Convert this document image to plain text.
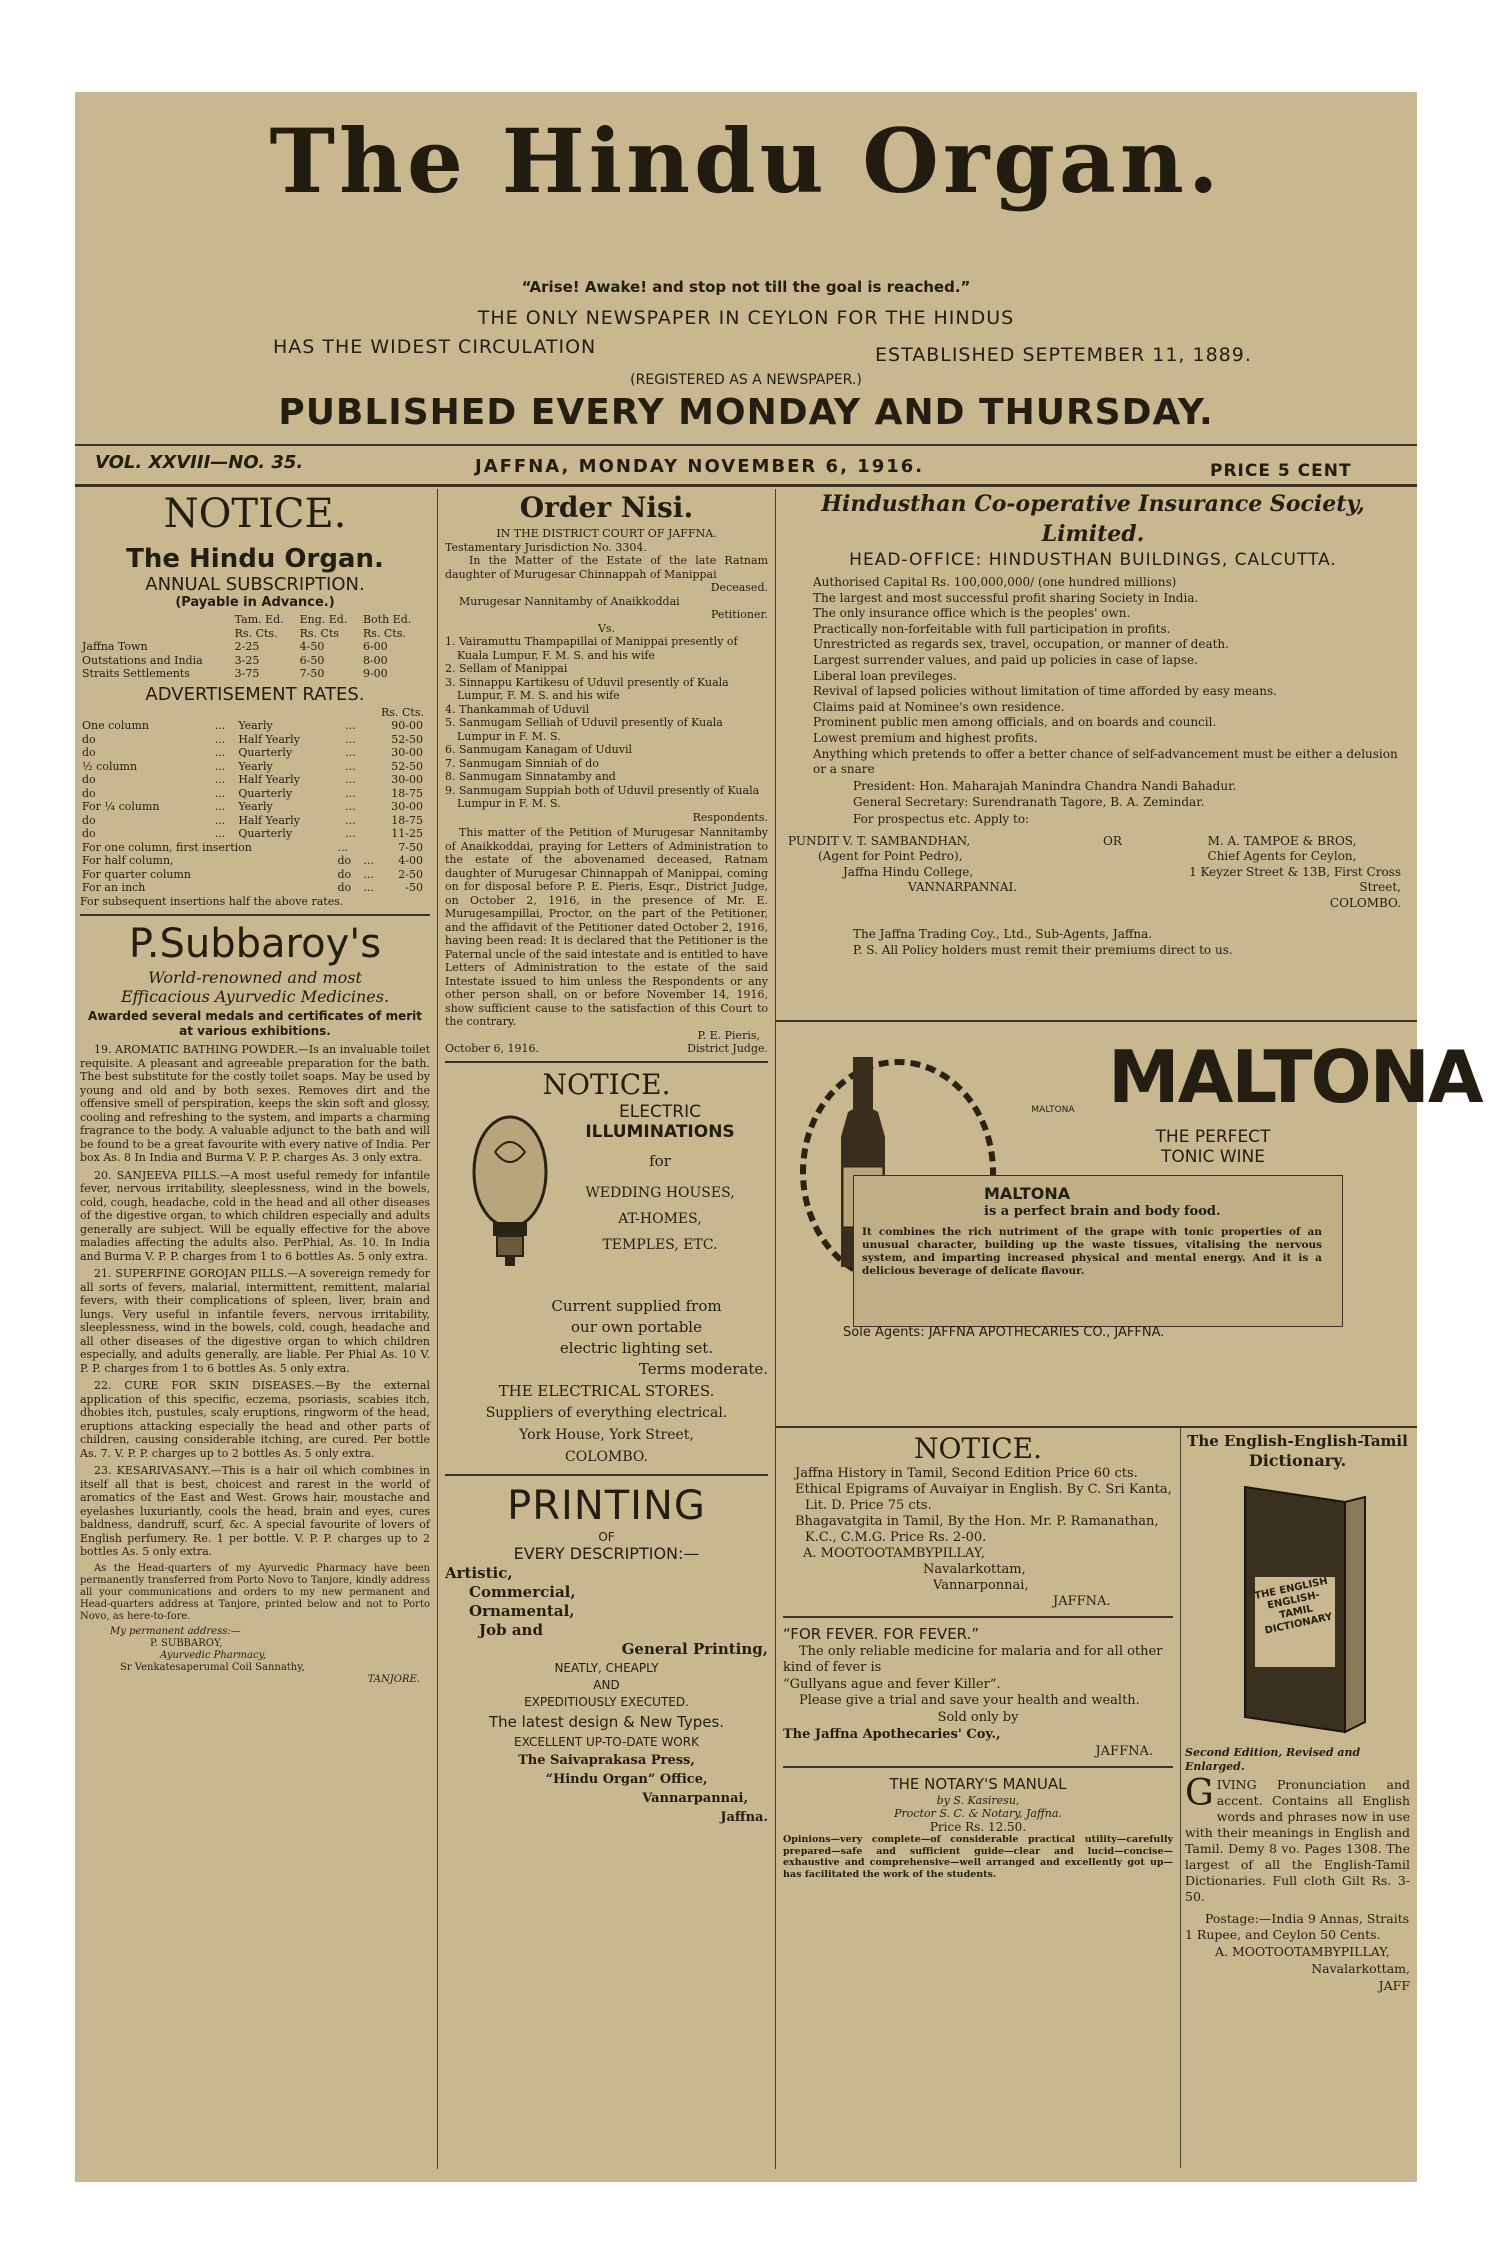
The Hindu Organ.
“Arise! Awake! and stop not till the goal is reached.”
THE ONLY NEWSPAPER IN CEYLON FOR THE HINDUS
HAS THE WIDEST CIRCULATION	ESTABLISHED SEPTEMBER 11, 1889.
(REGISTERED AS A NEWSPAPER.)
PUBLISHED EVERY MONDAY AND THURSDAY.
VOL. XXVIII—NO. 35.	JAFFNA, MONDAY NOVEMBER 6, 1916.	PRICE 5 CENT
NOTICE.
The Hindu Organ.
ANNUAL SUBSCRIPTION.
(Payable in Advance.)
	Tam. Ed.	Eng. Ed.	Both Ed.
	Rs. Cts.	Rs. Cts	Rs. Cts.
Jaffna Town	2-25	4-50	6-00
Outstations and India	3-25	6-50	8-00
Straits Settlements	3-75	7-50	9-00
ADVERTISEMENT RATES.
Rs. Cts.
One column	...	Yearly	...	90-00
do	...	Half Yearly	...	52-50
do	...	Quarterly	...	30-00
½ column	...	Yearly	...	52-50
do	...	Half Yearly	...	30-00
do	...	Quarterly	...	18-75
For ¼ column	...	Yearly	...	30-00
do	...	Half Yearly	...	18-75
do	...	Quarterly	...	11-25
For one column, first insertion	...		7-50
For half column,	do	...	4-00
For quarter column	do	...	2-50
For an inch	do	...	-50
For subsequent insertions half the above rates.
P.Subbaroy's
World-renowned and most
Efficacious Ayurvedic Medicines.
Awarded several medals and certificates of merit at various exhibitions.

19. AROMATIC BATHING POWDER.—Is an invaluable toilet requisite. A pleasant and agreeable preparation for the bath. The best substitute for the costly toilet soaps. May be used by young and old and by both sexes. Removes dirt and the offensive smell of perspiration, keeps the skin soft and glossy, cooling and refreshing to the system, and imparts a charming fragrance to the body. A valuable adjunct to the bath and will be found to be a great favourite with every native of India. Per box As. 8 In India and Burma V. P. P. charges As. 3 only extra.

20. SANJEEVA PILLS.—A most useful remedy for infantile fever, nervous irritability, sleeplessness, wind in the bowels, cold, cough, headache, cold in the head and all other diseases of the digestive organ, to which children especially and adults generally are subject. Will be equally effective for the above maladies affecting the adults also. PerPhial, As. 10. In India and Burma V. P. P. charges from 1 to 6 bottles As. 5 only extra.

21. SUPERFINE GOROJAN PILLS.—A sovereign remedy for all sorts of fevers, malarial, intermittent, remittent, malarial fevers, with their complications of spleen, liver, brain and lungs. Very useful in infantile fevers, nervous irritability, sleeplessness, wind in the bowels, cold, cough, headache and all other diseases of the digestive organ to which children especially, and adults generally, are liable. Per Phial As. 10 V. P. P. charges from 1 to 6 bottles As. 5 only extra.

22. CURE FOR SKIN DISEASES.—By the external application of this specific, eczema, psoriasis, scabies itch, dhobies itch, pustules, scaly eruptions, ringworm of the head, eruptions attacking especially the head and other parts of children, causing considerable itching, are cured. Per bottle As. 7. V. P. P. charges up to 2 bottles As. 5 only extra.

23. KESARIVASANY.—This is a hair oil which combines in itself all that is best, choicest and rarest in the world of aromatics of the East and West. Grows hair, moustache and eyelashes luxuriantly, cools the head, brain and eyes, cures baldness, dandruff, scurf, &c. A special favourite of lovers of English perfumery. Re. 1 per bottle. V. P. P. charges up to 2 bottles As. 5 only extra.

As the Head-quarters of my Ayurvedic Pharmacy have been permanently transferred from Porto Novo to Tanjore, kindly address all your communications and orders to my new permanent and Head-quarters address at Tanjore, printed below and not to Porto Novo, as here-to-fore.

My permanent address:—
P. SUBBAROY,
Ayurvedic Pharmacy,
Sr Venkatesaperumal Coil Sannathy,
TANJORE.
Order Nisi.
IN THE DISTRICT COURT OF JAFFNA.
Testamentary Jurisdiction No. 3304.

In the Matter of the Estate of the late Ratnam daughter of Murugesar Chinnappah of Manippai

Deceased.
Murugesar Nannitamby of Anaikkoddai
Petitioner.
Vs.

1. Vairamuttu Thampapillai of Manippai presently of Kuala Lumpur, F. M. S. and his wife

2. Sellam of Manippai

3. Sinnappu Kartikesu of Uduvil presently of Kuala Lumpur, F. M. S. and his wife

4. Thankammah of Uduvil

5. Sanmugam Selliah of Uduvil presently of Kuala Lumpur in F. M. S.

6. Sanmugam Kanagam of Uduvil

7. Sanmugam Sinniah of do

8. Sanmugam Sinnatamby and

9. Sanmugam Suppiah both of Uduvil presently of Kuala Lumpur in F. M. S.

Respondents.

This matter of the Petition of Murugesar Nannitamby of Anaikkoddai, praying for Letters of Administration to the estate of the abovenamed deceased, Ratnam daughter of Murugesar Chinnappah of Manippai, coming on for disposal before P. E. Pieris, Esqr., District Judge, on October 2, 1916, in the presence of Mr. E. Murugesampillai, Proctor, on the part of the Petitioner, and the affidavit of the Petitioner dated October 2, 1916, having been read: It is declared that the Petitioner is the Paternal uncle of the said intestate and is entitled to have Letters of Administration to the estate of the said Intestate issued to him unless the Respondents or any other person shall, on or before November 14, 1916, show sufficient cause to the satisfaction of this Court to the contrary.

P. E. Pieris,
October 6, 1916.	District Judge.
NOTICE.
ELECTRIC
ILLUMINATIONS
for
WEDDING HOUSES,
AT-HOMES,
TEMPLES, ETC.
Current supplied from
our own portable
electric lighting set.
Terms moderate.
THE ELECTRICAL STORES.
Suppliers of everything electrical.
York House, York Street,
COLOMBO.
PRINTING
OF
EVERY DESCRIPTION:—
Artistic,
Commercial,
Ornamental,
Job and
General Printing,
NEATLY, CHEAPLY
AND
EXPEDITIOUSLY EXECUTED.
The latest design & New Types.
EXCELLENT UP-TO-DATE WORK
The Saivaprakasa Press,
“Hindu Organ” Office,
Vannarpannai,
Jaffna.
Hindusthan Co-operative Insurance Society, Limited.
HEAD-OFFICE: HINDUSTHAN BUILDINGS, CALCUTTA.
Authorised Capital Rs. 100,000,000/ (one hundred millions)
The largest and most successful profit sharing Society in India.
The only insurance office which is the peoples' own.
Practically non-forfeitable with full participation in profits.
Unrestricted as regards sex, travel, occupation, or manner of death.
Largest surrender values, and paid up policies in case of lapse.
Liberal loan previleges.
Revival of lapsed policies without limitation of time afforded by easy means.
Claims paid at Nominee's own residence.
Prominent public men among officials, and on boards and council.
Lowest premium and highest profits.
Anything which pretends to offer a better chance of self-advancement must be either a delusion or a snare
President: Hon. Maharajah Manindra Chandra Nandi Bahadur.
General Secretary: Surendranath Tagore, B. A. Zemindar.
For prospectus etc. Apply to:
PUNDIT V. T. SAMBANDHAN,
(Agent for Point Pedro),
Jaffna Hindu College,
VANNARPANNAI.
OR	M. A. TAMPOE & BROS,
Chief Agents for Ceylon,
1 Keyzer Street & 13B, First Cross Street,
COLOMBO.
The Jaffna Trading Coy., Ltd., Sub-Agents, Jaffna.
P. S. All Policy holders must remit their premiums direct to us.
MALTONA MALTONA
THE PERFECT
TONIC WINE
MALTONA
is a perfect brain and body food.
It combines the rich nutriment of the grape with tonic properties of an unusual character, building up the waste tissues, vitalising the nervous system, and imparting increased physical and mental energy. And it is a delicious beverage of delicate flavour.
Sole Agents: JAFFNA APOTHECARIES CO., JAFFNA.
NOTICE.

Jaffna History in Tamil, Second Edition Price 60 cts.

Ethical Epigrams of Auvaiyar in English. By C. Sri Kanta, Lit. D. Price 75 cts.

Bhagavatgita in Tamil, By the Hon. Mr. P. Ramanathan, K.C., C.M.G. Price Rs. 2-00.

A. MOOTOOTAMBYPILLAY,
Navalarkottam,
Vannarponnai,
JAFFNA.
“FOR FEVER. FOR FEVER.”

The only reliable medicine for malaria and for all other kind of fever is

“Gullyans ague and fever Killer”.

Please give a trial and save your health and wealth.

Sold only by
The Jaffna Apothecaries' Coy.,
JAFFNA.
THE NOTARY'S MANUAL
by S. Kasiresu,
Proctor S. C. & Notary, Jaffna.
Price Rs. 12.50.

Opinions—very complete—of considerable practical utility—carefully prepared—safe and sufficient guide—clear and lucid—concise—exhaustive and comprehensive—well arranged and excellently got up—has facilitated the work of the students.

The English-English-Tamil
Dictionary.
THE ENGLISH ENGLISH- TAMIL DICTIONARY
Second Edition, Revised and Enlarged.
GIVING Pronunciation and accent. Contains all English words and phrases now in use with their meanings in English and Tamil. Demy 8 vo. Pages 1308. The largest of all the English-Tamil Dictionaries. Full cloth Gilt Rs. 3-50.

Postage:—India 9 Annas, Straits 1 Rupee, and Ceylon 50 Cents.

A. MOOTOOTAMBYPILLAY,
Navalarkottam,
JAFF
